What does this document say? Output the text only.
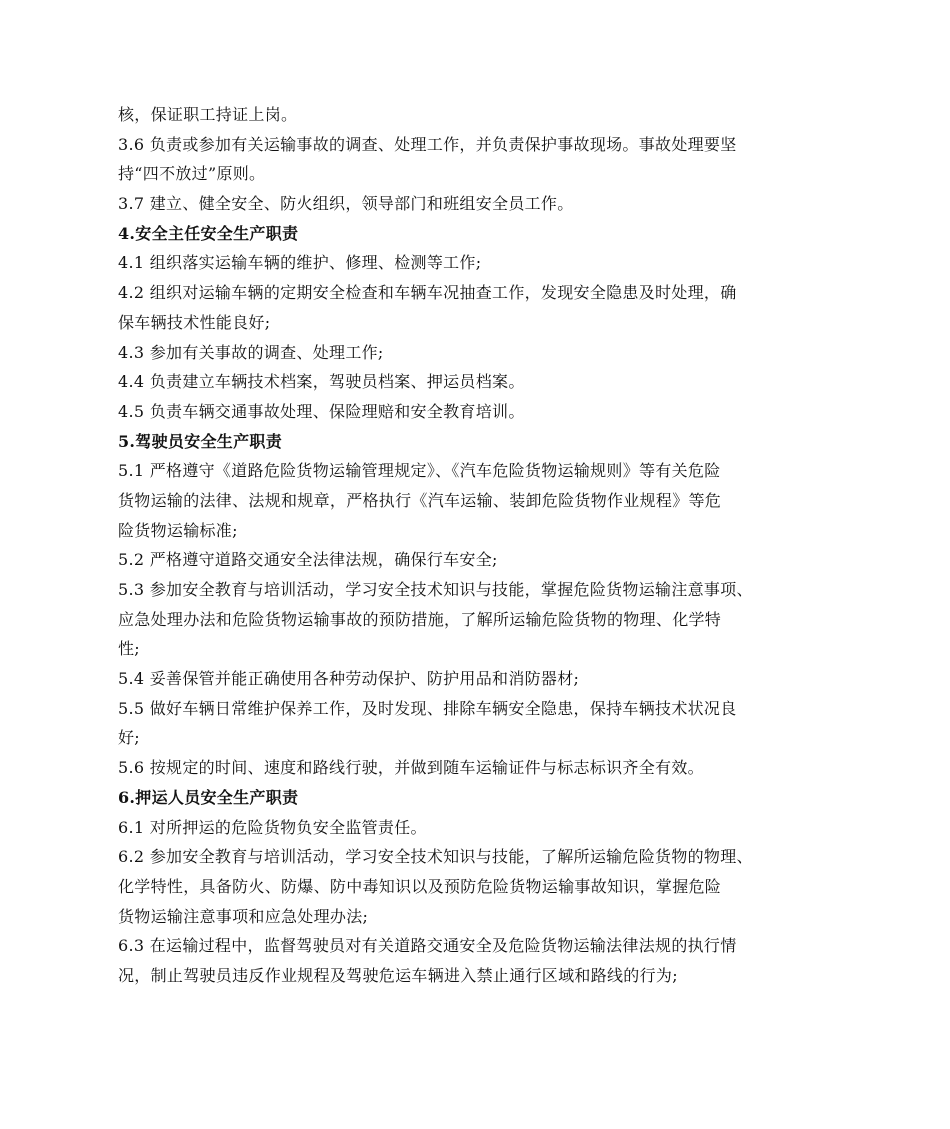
核，保证职工持证上岗。
3.6 负责或参加有关运输事故的调查、处理工作，并负责保护事故现场。事故处理要坚
持“四不放过”原则。
3.7 建立、健全安全、防火组织，领导部门和班组安全员工作。
4.安全主任安全生产职责
4.1 组织落实运输车辆的维护、修理、检测等工作;
4.2 组织对运输车辆的定期安全检查和车辆车况抽查工作，发现安全隐患及时处理，确
保车辆技术性能良好;
4.3 参加有关事故的调查、处理工作;
4.4 负责建立车辆技术档案，驾驶员档案、押运员档案。
4.5 负责车辆交通事故处理、保险理赔和安全教育培训。
5.驾驶员安全生产职责
5.1 严格遵守《道路危险货物运输管理规定》、《汽车危险货物运输规则》等有关危险
货物运输的法律、法规和规章，严格执行《汽车运输、装卸危险货物作业规程》等危
险货物运输标准;
5.2 严格遵守道路交通安全法律法规，确保行车安全;
5.3 参加安全教育与培训活动，学习安全技术知识与技能，掌握危险货物运输注意事项、
应急处理办法和危险货物运输事故的预防措施，了解所运输危险货物的物理、化学特
性;
5.4 妥善保管并能正确使用各种劳动保护、防护用品和消防器材;
5.5 做好车辆日常维护保养工作，及时发现、排除车辆安全隐患，保持车辆技术状况良
好;
5.6 按规定的时间、速度和路线行驶，并做到随车运输证件与标志标识齐全有效。
6.押运人员安全生产职责
6.1 对所押运的危险货物负安全监管责任。
6.2 参加安全教育与培训活动，学习安全技术知识与技能，了解所运输危险货物的物理、
化学特性，具备防火、防爆、防中毒知识以及预防危险货物运输事故知识，掌握危险
货物运输注意事项和应急处理办法;
6.3 在运输过程中，监督驾驶员对有关道路交通安全及危险货物运输法律法规的执行情
况，制止驾驶员违反作业规程及驾驶危运车辆进入禁止通行区域和路线的行为;
